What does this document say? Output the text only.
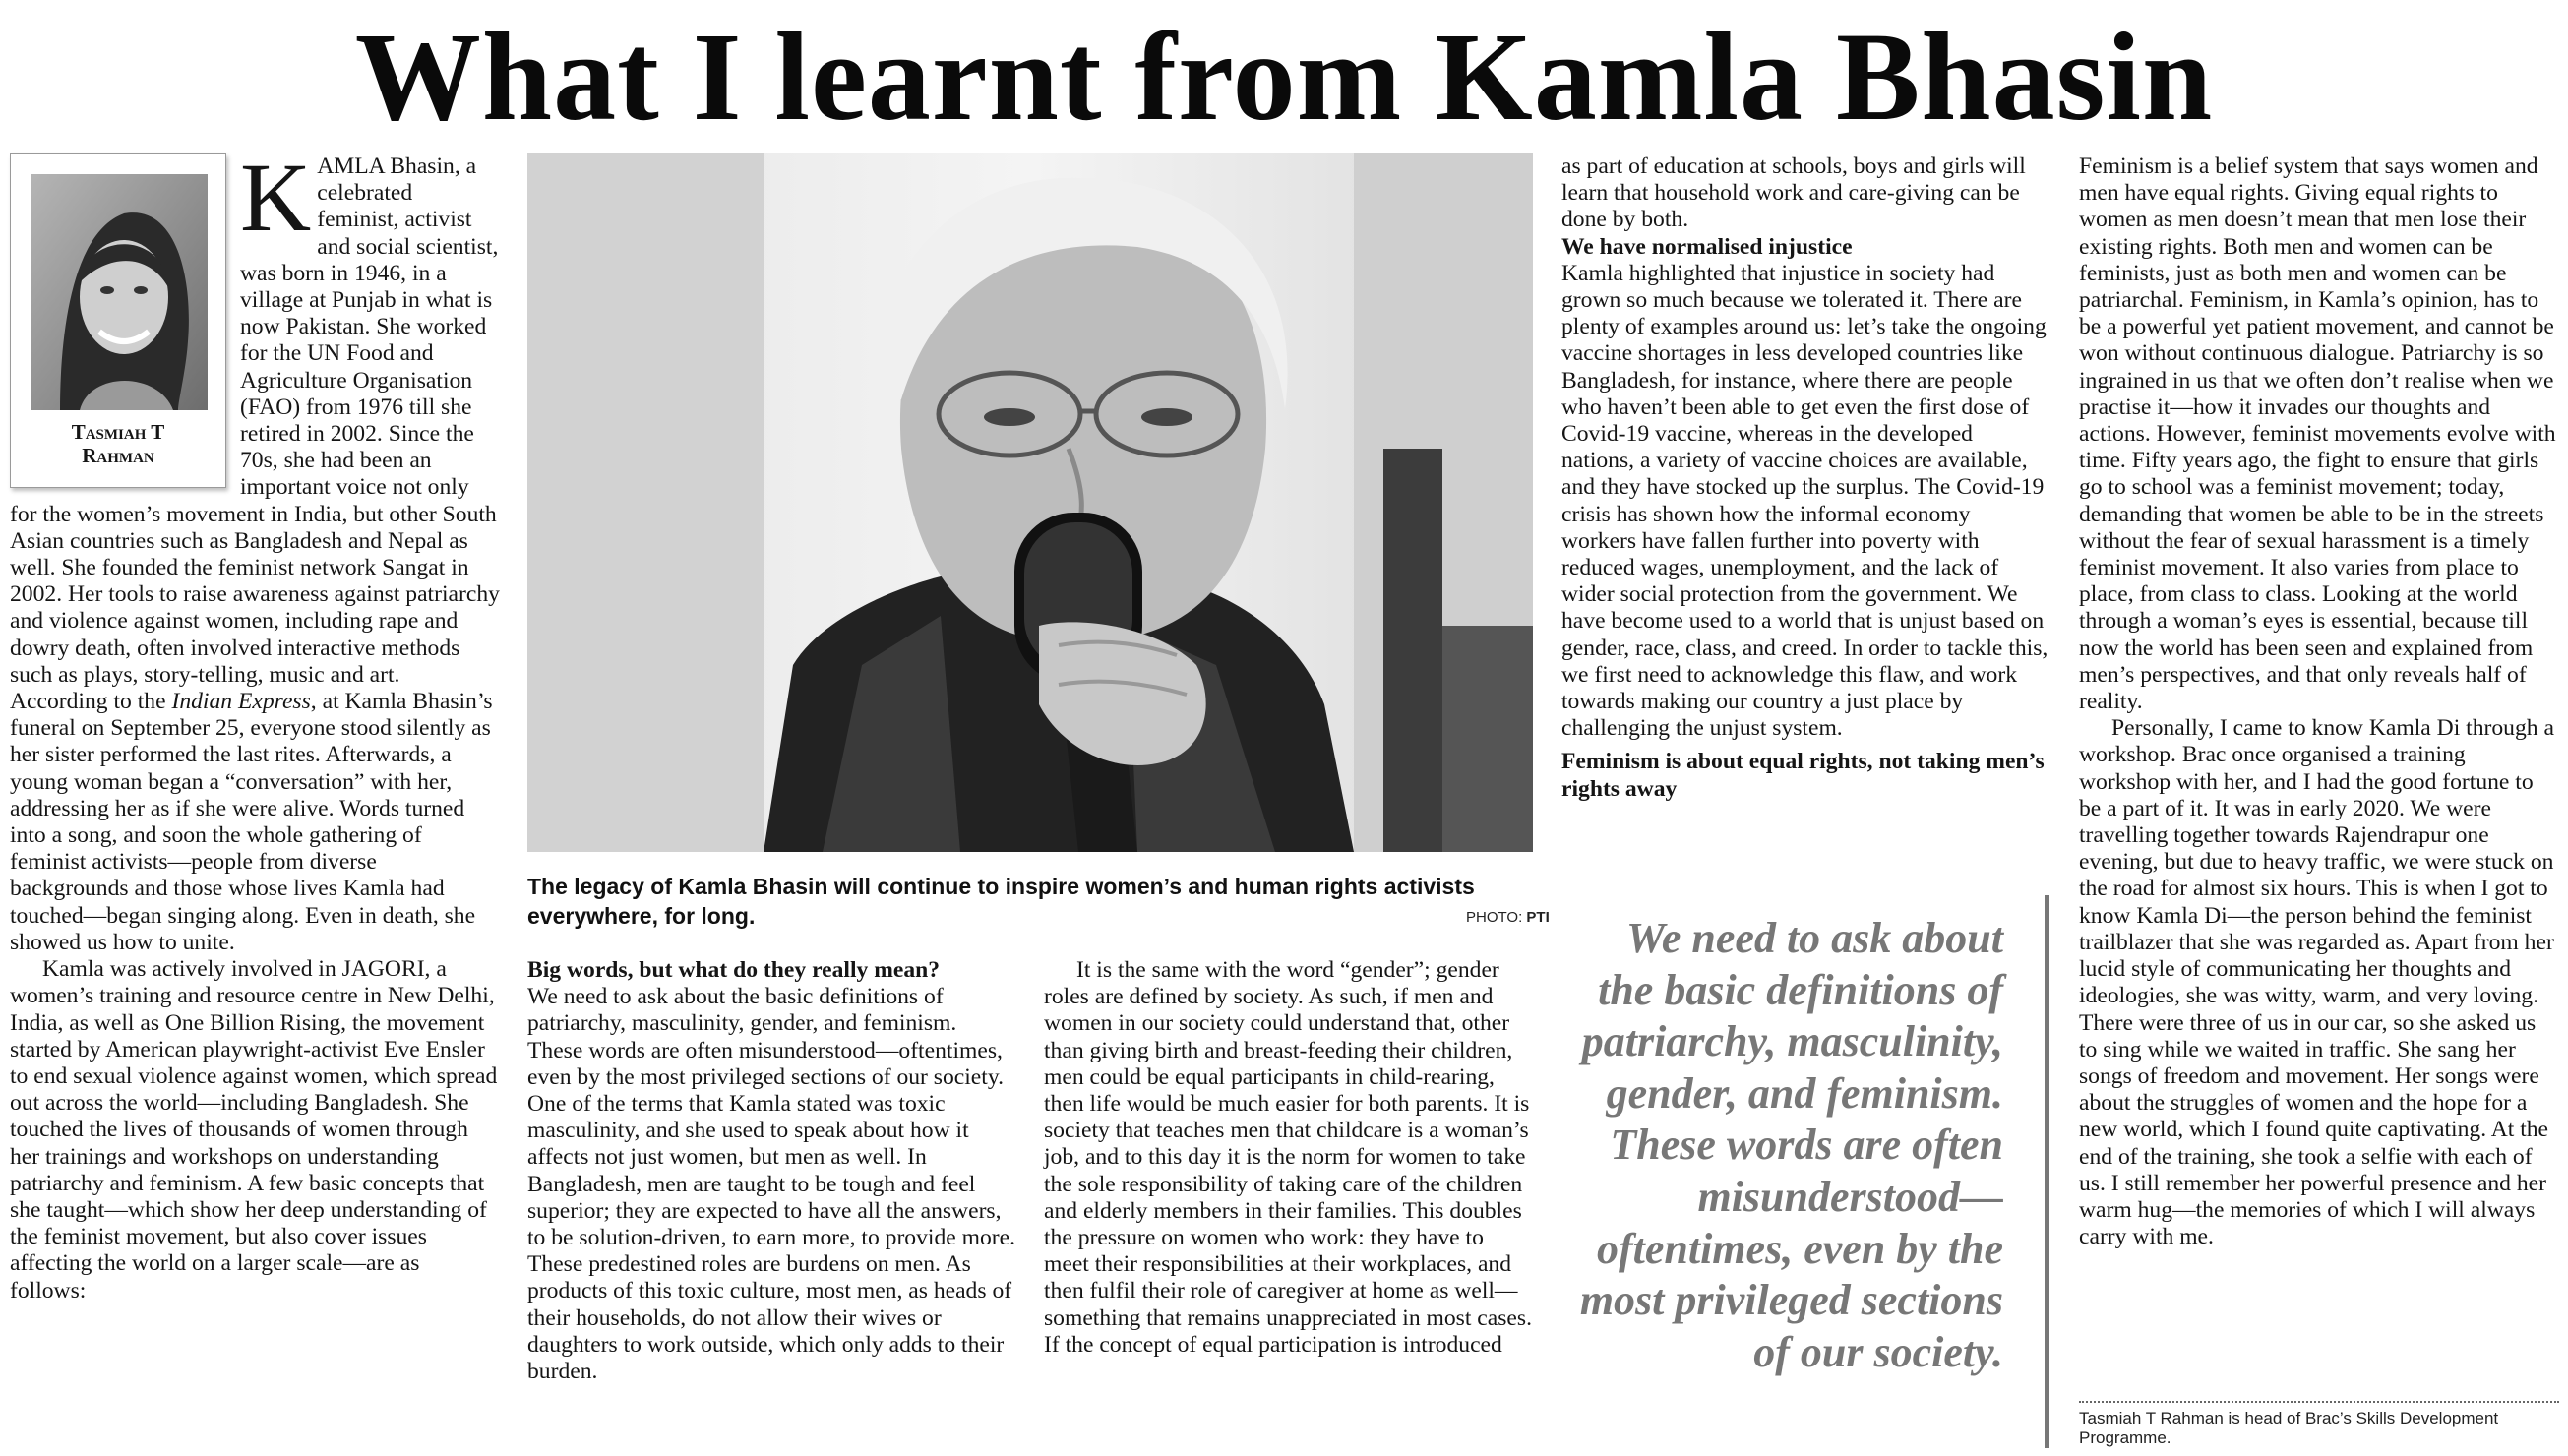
What I learnt from Kamla Bhasin
Tasmiah T
Rahman

KAMLA Bhasin, a celebrated feminist, activist and social scientist, was born in 1946, in a village at Punjab in what is now Pakistan. She worked for the UN Food and Agriculture Organisation (FAO) from 1976 till she retired in 2002. Since the 70s, she had been an important voice not only for the women’s movement in India, but other South Asian countries such as Bangladesh and Nepal as well. She founded the feminist network Sangat in 2002. Her tools to raise awareness against patriarchy and violence against women, including rape and dowry death, often involved interactive methods such as plays, story-telling, music and art. According to the Indian Express, at Kamla Bhasin’s funeral on September 25, everyone stood silently as her sister performed the last rites. Afterwards, a young woman began a “conversation” with her, addressing her as if she were alive. Words turned into a song, and soon the whole gathering of feminist activists—people from diverse backgrounds and those whose lives Kamla had touched—began singing along. Even in death, she showed us how to unite.

Kamla was actively involved in JAGORI, a women’s training and resource centre in New Delhi, India, as well as One Billion Rising, the movement started by American playwright-activist Eve Ensler to end sexual violence against women, which spread out across the world—including Bangladesh. She touched the lives of thousands of women through her trainings and workshops on understanding patriarchy and feminism. A few basic concepts that she taught—which show her deep understanding of the feminist movement, but also cover issues affecting the world on a larger scale—are as follows:

The legacy of Kamla Bhasin will continue to inspire women’s and human rights activists everywhere, for long.	PHOTO: PTI
Big words, but what do they really mean?

We need to ask about the basic definitions of patriarchy, masculinity, gender, and feminism. These words are often misunderstood—oftentimes, even by the most privileged sections of our society. One of the terms that Kamla stated was toxic masculinity, and she used to speak about how it affects not just women, but men as well. In Bangladesh, men are taught to be tough and feel superior; they are expected to have all the answers, to be solution-driven, to earn more, to provide more. These predestined roles are burdens on men. As products of this toxic culture, most men, as heads of their households, do not allow their wives or daughters to work outside, which only adds to their burden.

It is the same with the word “gender”; gender roles are defined by society. As such, if men and women in our society could understand that, other than giving birth and breast-feeding their children, men could be equal participants in child-rearing, then life would be much easier for both parents. It is society that teaches men that childcare is a woman’s job, and to this day it is the norm for women to take the sole responsibility of taking care of the children and elderly members in their families. This doubles the pressure on women who work: they have to meet their responsibilities at their workplaces, and then fulfil their role of caregiver at home as well—something that remains unappreciated in most cases. If the concept of equal participation is introduced

as part of education at schools, boys and girls will learn that household work and care-giving can be done by both.

We have normalised injustice

Kamla highlighted that injustice in society had grown so much because we tolerated it. There are plenty of examples around us: let’s take the ongoing vaccine shortages in less developed countries like Bangladesh, for instance, where there are people who haven’t been able to get even the first dose of Covid-19 vaccine, whereas in the developed nations, a variety of vaccine choices are available, and they have stocked up the surplus. The Covid-19 crisis has shown how the informal economy workers have fallen further into poverty with reduced wages, unemployment, and the lack of wider social protection from the government. We have become used to a world that is unjust based on gender, race, class, and creed. In order to tackle this, we first need to acknowledge this flaw, and work towards making our country a just place by challenging the unjust system.

Feminism is about equal rights, not taking men’s rights away
We need to ask about the basic definitions of patriarchy, masculinity, gender, and feminism. These words are often misunderstood—oftentimes, even by the most privileged sections of our society.

Feminism is a belief system that says women and men have equal rights. Giving equal rights to women as men doesn’t mean that men lose their existing rights. Both men and women can be feminists, just as both men and women can be patriarchal. Feminism, in Kamla’s opinion, has to be a powerful yet patient movement, and cannot be won without continuous dialogue. Patriarchy is so ingrained in us that we often don’t realise when we practise it—how it invades our thoughts and actions. However, feminist movements evolve with time. Fifty years ago, the fight to ensure that girls go to school was a feminist movement; today, demanding that women be able to be in the streets without the fear of sexual harassment is a timely feminist movement. It also varies from place to place, from class to class. Looking at the world through a woman’s eyes is essential, because till now the world has been seen and explained from men’s perspectives, and that only reveals half of reality.

Personally, I came to know Kamla Di through a workshop. Brac once organised a training workshop with her, and I had the good fortune to be a part of it. It was in early 2020. We were travelling together towards Rajendrapur one evening, but due to heavy traffic, we were stuck on the road for almost six hours. This is when I got to know Kamla Di—the person behind the feminist trailblazer that she was regarded as. Apart from her lucid style of communicating her thoughts and ideologies, she was witty, warm, and very loving. There were three of us in our car, so she asked us to sing while we waited in traffic. She sang her songs of freedom and movement. Her songs were about the struggles of women and the hope for a new world, which I found quite captivating. At the end of the training, she took a selfie with each of us. I still remember her powerful presence and her warm hug—the memories of which I will always carry with me.

Tasmiah T Rahman is head of Brac’s Skills Development Programme.
